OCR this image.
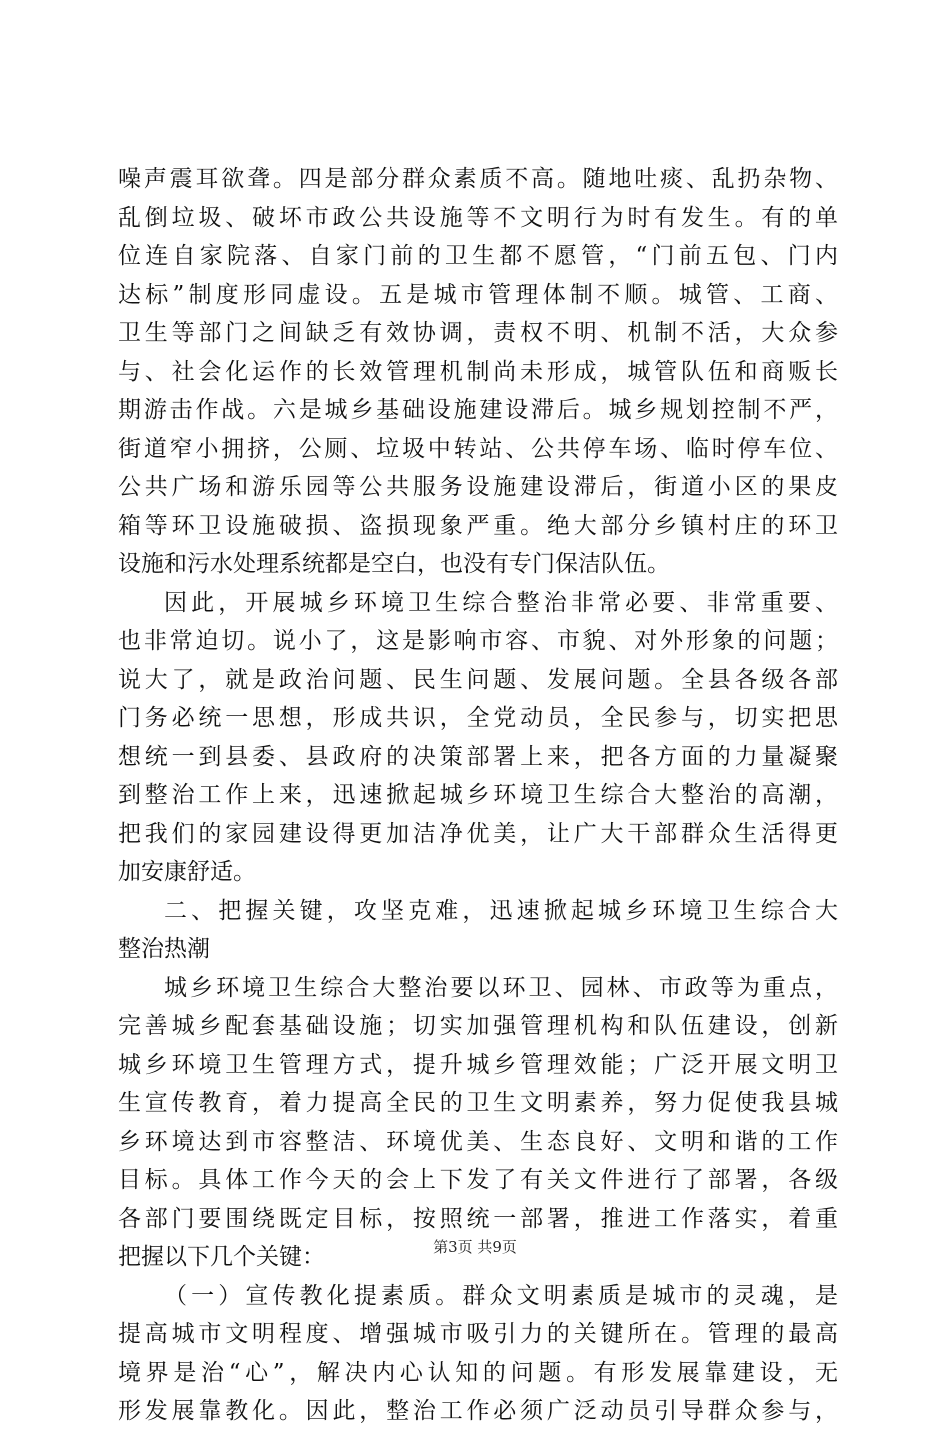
噪声震耳欲聋。四是部分群众素质不高。随地吐痰、乱扔杂物、
乱倒垃圾、破坏市政公共设施等不文明行为时有发生。有的单
位连自家院落、自家门前的卫生都不愿管，“门前五包、门内
达标”制度形同虚设。五是城市管理体制不顺。城管、工商、
卫生等部门之间缺乏有效协调，责权不明、机制不活，大众参
与、社会化运作的长效管理机制尚未形成，城管队伍和商贩长
期游击作战。六是城乡基础设施建设滞后。城乡规划控制不严，
街道窄小拥挤，公厕、垃圾中转站、公共停车场、临时停车位、
公共广场和游乐园等公共服务设施建设滞后，街道小区的果皮
箱等环卫设施破损、盗损现象严重。绝大部分乡镇村庄的环卫
设施和污水处理系统都是空白，也没有专门保洁队伍。
因此，开展城乡环境卫生综合整治非常必要、非常重要、
也非常迫切。说小了，这是影响市容、市貌、对外形象的问题；
说大了，就是政治问题、民生问题、发展问题。全县各级各部
门务必统一思想，形成共识，全党动员，全民参与，切实把思
想统一到县委、县政府的决策部署上来，把各方面的力量凝聚
到整治工作上来，迅速掀起城乡环境卫生综合大整治的高潮，
把我们的家园建设得更加洁净优美，让广大干部群众生活得更
加安康舒适。
二、把握关键，攻坚克难，迅速掀起城乡环境卫生综合大
整治热潮
城乡环境卫生综合大整治要以环卫、园林、市政等为重点，
完善城乡配套基础设施；切实加强管理机构和队伍建设，创新
城乡环境卫生管理方式，提升城乡管理效能；广泛开展文明卫
生宣传教育，着力提高全民的卫生文明素养，努力促使我县城
乡环境达到市容整洁、环境优美、生态良好、文明和谐的工作
目标。具体工作今天的会上下发了有关文件进行了部署，各级
各部门要围绕既定目标，按照统一部署，推进工作落实，着重
把握以下几个关键：
（一）宣传教化提素质。群众文明素质是城市的灵魂，是
提高城市文明程度、增强城市吸引力的关键所在。管理的最高
境界是治“心”，解决内心认知的问题。有形发展靠建设，无
形发展靠教化。因此，整治工作必须广泛动员引导群众参与，
第3页 共9页
